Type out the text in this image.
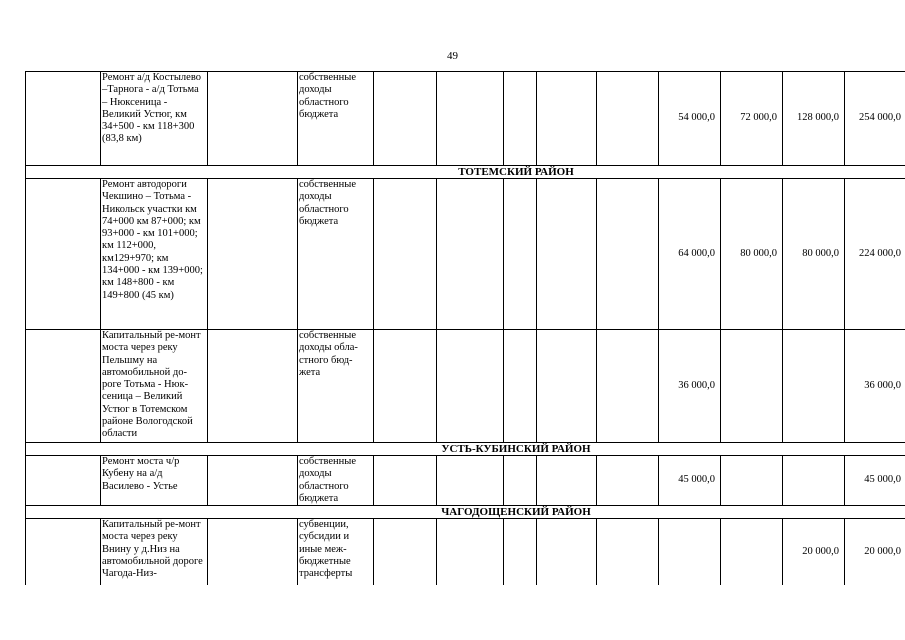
49
	Ремонт а/д Костылево –Тарнога - а/д Тотьма – Нюксеница - Великий Устюг, км 34+500 - км 118+300 (83,8 км)		собственные доходы областного бюджета						54 000,0	72 000,0	128 000,0	254 000,0
ТОТЕМСКИЙ РАЙОН												
	Ремонт автодороги Чекшино – Тотьма - Никольск участки км 74+000 км 87+000; км 93+000 - км 101+000; км 112+000, км129+970; км 134+000 - км 139+000; км 148+800 - км 149+800 (45 км)		собственные доходы областного бюджета						64 000,0	80 000,0	80 000,0	224 000,0
	Капитальный ре-монт моста через реку Пельшму на автомобильной до-роге Тотьма - Нюк-сеница – Великий Устюг в Тотемском районе Вологодской области		собственные доходы обла-стного бюд-жета						36 000,0			36 000,0
УСТЬ-КУБИНСКИЙ РАЙОН												
	Ремонт моста ч/р Кубену на а/д Василево - Устье		собственные доходы областного бюджета						45 000,0			45 000,0
ЧАГОДОЩЕНСКИЙ РАЙОН												
	Капитальный ре-монт моста через реку Внину у д.Низ на автомобильной дороге Чагода-Низ-		субвенции, субсидии и иные меж-бюджетные трансферты								20 000,0	20 000,0
